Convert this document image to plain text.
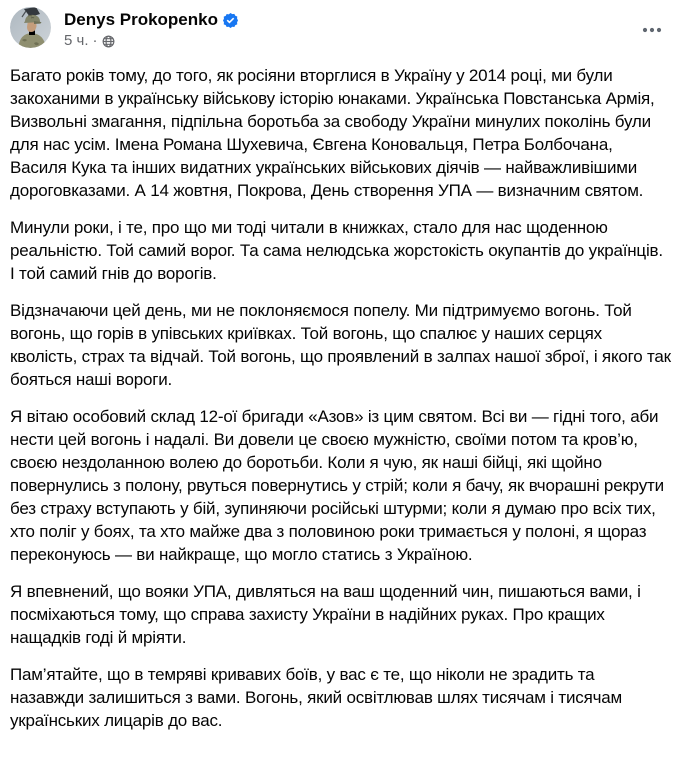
Denys Prokopenko
5 ч. ·

Багато років тому, до того, як росіяни вторглися в Україну у 2014 році, ми були закоханими в українську військову історію юнаками. Українська Повстанська Армія, Визвольні змагання, підпільна боротьба за свободу України минулих поколінь були для нас усім. Імена Романа Шухевича, Євгена Коновальця, Петра Болбочана, Василя Кука та інших видатних українських військових діячів — найважливішими дороговказами. А 14 жовтня, Покрова, День створення УПА — визначним святом.

Минули роки, і те, про що ми тоді читали в книжках, стало для нас щоденною реальністю. Той самий ворог. Та сама нелюдська жорстокість окупантів до українців. І той самий гнів до ворогів.

Відзначаючи цей день, ми не поклоняємося попелу. Ми підтримуємо вогонь. Той вогонь, що горів в упівських криївках. Той вогонь, що спалює у наших серцях кволість, страх та відчай. Той вогонь, що проявлений в залпах нашої зброї, і якого так бояться наші вороги.

Я вітаю особовий склад 12-ої бригади «Азов» із цим святом. Всі ви — гідні того, аби нести цей вогонь і надалі. Ви довели це своєю мужністю, своїми потом та кров’ю, своєю нездоланною волею до боротьби. Коли я чую, як наші бійці, які щойно повернулись з полону, рвуться повернутись у стрій; коли я бачу, як вчорашні рекрути без страху вступають у бій, зупиняючи російські штурми; коли я думаю про всіх тих, хто поліг у боях, та хто майже два з половиною роки тримається у полоні, я щораз переконуюсь — ви найкраще, що могло статись з Україною.

Я впевнений, що вояки УПА, дивляться на ваш щоденний чин, пишаються вами, і посміхаються тому, що справа захисту України в надійних руках. Про кращих нащадків годі й мріяти.

Пам’ятайте, що в темряві кривавих боїв, у вас є те, що ніколи не зрадить та назавжди залишиться з вами. Вогонь, який освітлював шлях тисячам і тисячам українських лицарів до вас.
